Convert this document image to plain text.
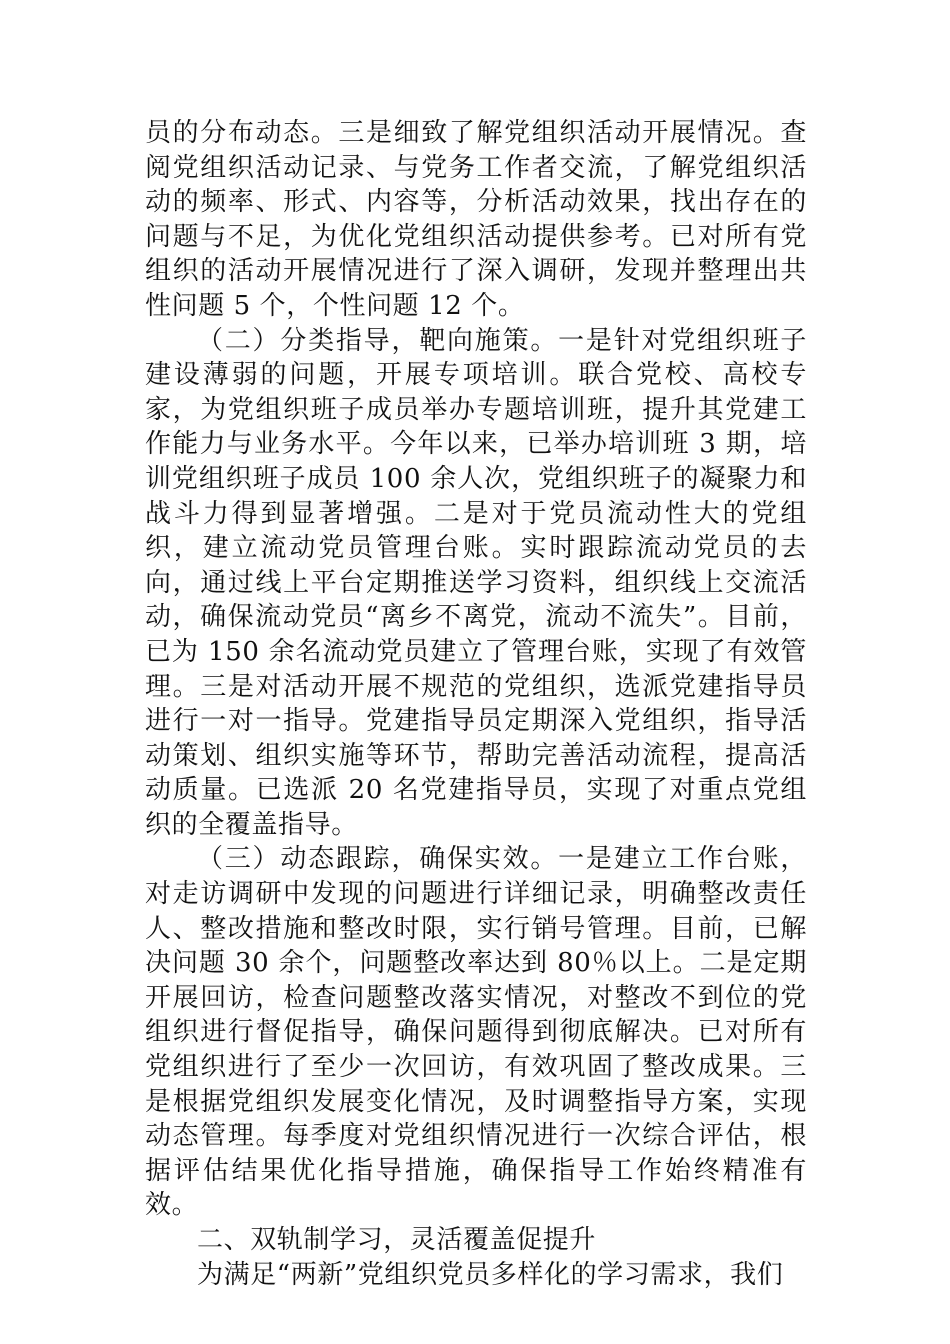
员的分布动态。三是细致了解党组织活动开展情况。查阅党组织活动记录、与党务工作者交流，了解党组织活动的频率、形式、内容等，分析活动效果，找出存在的问题与不足，为优化党组织活动提供参考。已对所有党组织的活动开展情况进行了深入调研，发现并整理出共性问题 5 个，个性问题 12 个。

（二）分类指导，靶向施策。一是针对党组织班子建设薄弱的问题，开展专项培训。联合党校、高校专家，为党组织班子成员举办专题培训班，提升其党建工作能力与业务水平。今年以来，已举办培训班 3 期，培训党组织班子成员 100 余人次，党组织班子的凝聚力和战斗力得到显著增强。二是对于党员流动性大的党组织，建立流动党员管理台账。实时跟踪流动党员的去向，通过线上平台定期推送学习资料，组织线上交流活动，确保流动党员“离乡不离党，流动不流失”。目前，已为 150 余名流动党员建立了管理台账，实现了有效管理。三是对活动开展不规范的党组织，选派党建指导员进行一对一指导。党建指导员定期深入党组织，指导活动策划、组织实施等环节，帮助完善活动流程，提高活动质量。已选派 20 名党建指导员，实现了对重点党组织的全覆盖指导。

（三）动态跟踪，确保实效。一是建立工作台账，对走访调研中发现的问题进行详细记录，明确整改责任人、整改措施和整改时限，实行销号管理。目前，已解决问题 30 余个，问题整改率达到 80％以上。二是定期开展回访，检查问题整改落实情况，对整改不到位的党组织进行督促指导，确保问题得到彻底解决。已对所有党组织进行了至少一次回访，有效巩固了整改成果。三是根据党组织发展变化情况，及时调整指导方案，实现动态管理。每季度对党组织情况进行一次综合评估，根据评估结果优化指导措施，确保指导工作始终精准有效。

二、双轨制学习，灵活覆盖促提升

为满足“两新”党组织党员多样化的学习需求，我们
